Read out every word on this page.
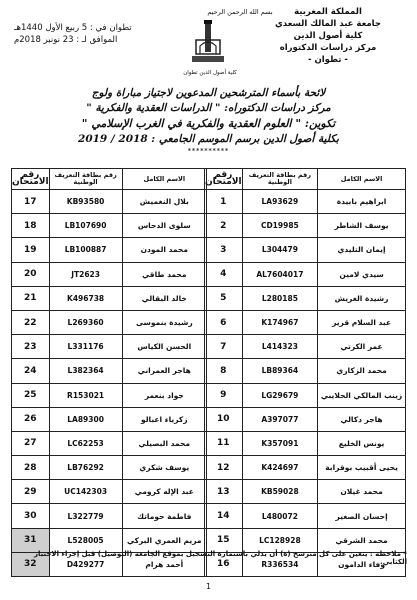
المملكة المغربية
جامعة عبد المالك السعدي
كلية أصول الدين
مركز دراسات الدكتوراه
- تطوان -
تطوان في : 5 ربيع الأول 1440هـ
الموافق لـ : 23 نونبر 2018م
بسم الله الرحمن الرحيم
كلية أصول الدين تطوان
لائحة بأسماء المترشحين المدعوين لاجتياز مباراة ولوج
مركز دراسات الدكتوراه: " الدراسات العقدية والفكرية "
تكوين: " العلوم العقدية والفكرية في الغرب الإسلامي "
بكلية أصول الدين برسم الموسم الجامعي : 2018 / 2019
**********
الاسم الكامل	رقم بطاقة التعريف الوطنية	رقم الامتحان
ابراهيم بابيدة	LA93629	1
يوسف الشاطر	CD19985	2
إيمان التليدي	L304479	3
سيدي لامين	AL7604017	4
رشيدة الغريش	L280185	5
عبد السلام قرير	K174967	6
عمر الكرتي	L414323	7
محمد الزكاري	LB89364	8
زينب المالكي الحلايبي	LG29679	9
هاجر دكالي	A397077	10
يونس الخليع	K357091	11
يحيى أقبيب بوقرابة	K424697	12
محمد غيلان	KB59028	13
إحسان الصغير	L480072	14
محمد الشرقي	LC128928	15
وفاء الدامون	R336534	16
الاسم الكامل	رقم بطاقة التعريف الوطنية	رقم الامتحان
بلال النغميش	KB93580	17
سلوى الدحاس	LB107690	18
محمد المودن	LB100887	19
محمد طاقي	JT2623	20
خالد البقالي	K496738	21
رشيدة بنموسى	L269360	22
الحسن الكياس	L331176	23
هاجر العمراني	L382364	24
جواد بنعمر	R153021	25
زكرياء اعبالو	LA89300	26
محمد البصيلي	LC62253	27
يوسف شكري	LB76292	28
عبد الإله كرومي	UC142303	29
فاطمة حوماتك	L322779	30
مريم العمري البركي	L528005	31
أحمد هرام	D429277	32
* ملاحظة : يتعين على كل مترشح (ة) أن يدلي باستمارة التسجيل بموقع الجامعة (التوصيل) قبل إجراء الاختبار الكتابي.
1
